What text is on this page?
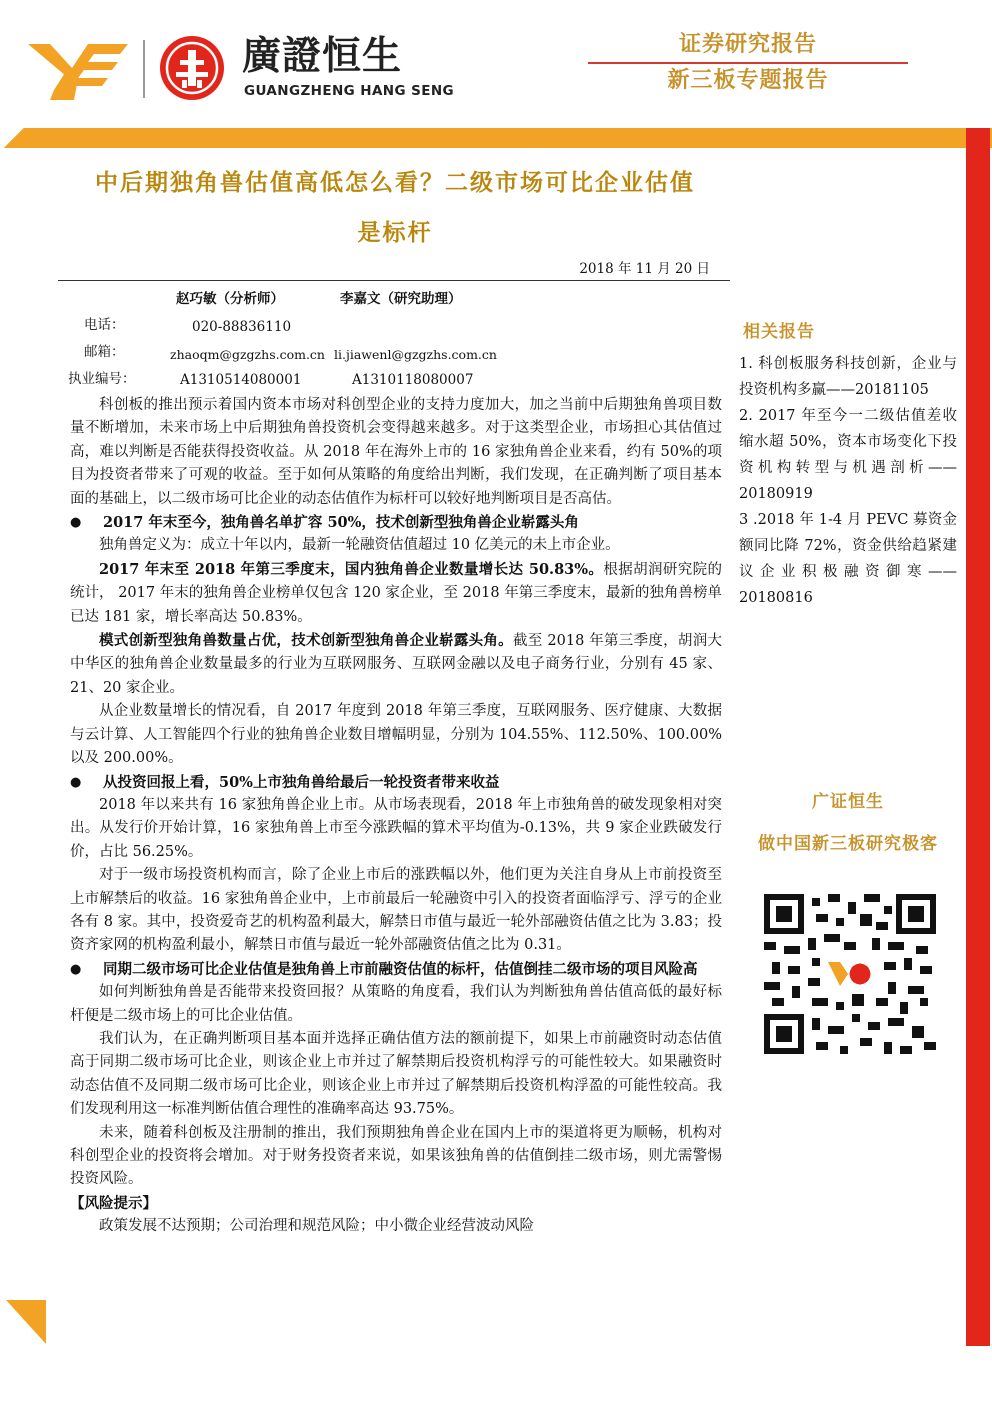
廣證恒生
GUANGZHENG HANG SENG
证券研究报告
新三板专题报告
中后期独角兽估值高低怎么看？二级市场可比企业估值
是标杆
2018 年 11 月 20 日
赵巧敏（分析师）	李嘉文（研究助理）
电话：	020-88836110
邮箱：	zhaoqm@gzgzhs.com.cn li.jiawenl@gzgzhs.com.cn
执业编号：	A1310514080001	A1310118080007

科创板的推出预示着国内资本市场对科创型企业的支持力度加大，加之当前中后期独角兽项目数量不断增加，未来市场上中后期独角兽投资机会变得越来越多。对于这类型企业，市场担心其估值过高，难以判断是否能获得投资收益。从 2018 年在海外上市的 16 家独角兽企业来看，约有 50%的项目为投资者带来了可观的收益。至于如何从策略的角度给出判断，我们发现，在正确判断了项目基本面的基础上，以二级市场可比企业的动态估值作为标杆可以较好地判断项目是否高估。

● 2017 年末至今，独角兽名单扩容 50%，技术创新型独角兽企业崭露头角

独角兽定义为：成立十年以内，最新一轮融资估值超过 10 亿美元的未上市企业。

2017 年末至 2018 年第三季度末，国内独角兽企业数量增长达 50.83%。根据胡润研究院的统计， 2017 年末的独角兽企业榜单仅包含 120 家企业，至 2018 年第三季度末，最新的独角兽榜单已达 181 家，增长率高达 50.83%。

模式创新型独角兽数量占优，技术创新型独角兽企业崭露头角。截至 2018 年第三季度，胡润大中华区的独角兽企业数量最多的行业为互联网服务、互联网金融以及电子商务行业，分别有 45 家、21、20 家企业。

从企业数量增长的情况看，自 2017 年度到 2018 年第三季度，互联网服务、医疗健康、大数据与云计算、人工智能四个行业的独角兽企业数目增幅明显，分别为 104.55%、112.50%、100.00%以及 200.00%。

● 从投资回报上看，50%上市独角兽给最后一轮投资者带来收益

2018 年以来共有 16 家独角兽企业上市。从市场表现看，2018 年上市独角兽的破发现象相对突出。从发行价开始计算，16 家独角兽上市至今涨跌幅的算术平均值为-0.13%，共 9 家企业跌破发行价，占比 56.25%。

对于一级市场投资机构而言，除了企业上市后的涨跌幅以外，他们更为关注自身从上市前投资至上市解禁后的收益。16 家独角兽企业中，上市前最后一轮融资中引入的投资者面临浮亏、浮亏的企业各有 8 家。其中，投资爱奇艺的机构盈利最大，解禁日市值与最近一轮外部融资估值之比为 3.83；投资齐家网的机构盈利最小，解禁日市值与最近一轮外部融资估值之比为 0.31。

● 同期二级市场可比企业估值是独角兽上市前融资估值的标杆，估值倒挂二级市场的项目风险高

如何判断独角兽是否能带来投资回报？从策略的角度看，我们认为判断独角兽估值高低的最好标杆便是二级市场上的可比企业估值。

我们认为，在正确判断项目基本面并选择正确估值方法的额前提下，如果上市前融资时动态估值高于同期二级市场可比企业，则该企业上市并过了解禁期后投资机构浮亏的可能性较大。如果融资时动态估值不及同期二级市场可比企业，则该企业上市并过了解禁期后投资机构浮盈的可能性较高。我们发现利用这一标准判断估值合理性的准确率高达 93.75%。

未来，随着科创板及注册制的推出，我们预期独角兽企业在国内上市的渠道将更为顺畅，机构对科创型企业的投资将会增加。对于财务投资者来说，如果该独角兽的估值倒挂二级市场，则尤需警惕投资风险。

【风险提示】

政策发展不达预期；公司治理和规范风险；中小微企业经营波动风险

相关报告
1. 科创板服务科技创新，企业与投资机构多赢——20181105
2. 2017 年至今一二级估值差收缩水超 50%，资本市场变化下投资机构转型与机遇剖析——20180919
3 .2018 年 1-4 月 PEVC 募资金额同比降 72%，资金供给趋紧建议企业积极融资御寒——20180816
广证恒生
做中国新三板研究极客
